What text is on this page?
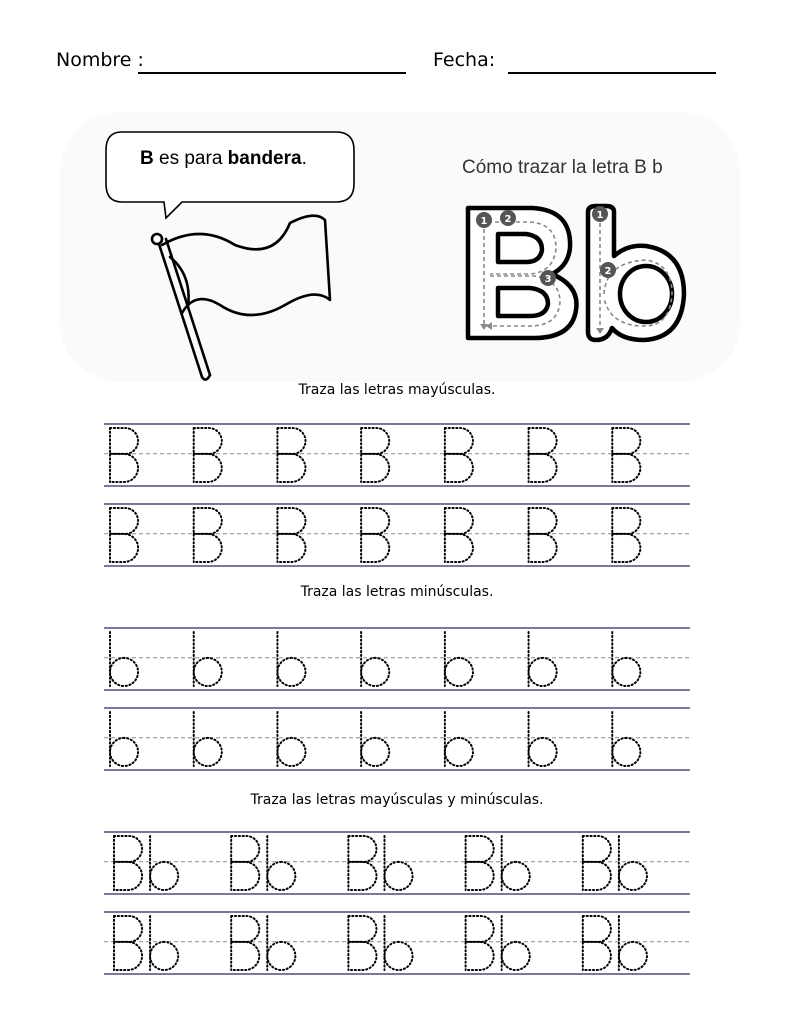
Nombre :	Fecha:
B es para bandera.	Cómo trazar la letra B b
1 2
3
1
2
Traza las letras mayúsculas.
Traza las letras minúsculas.
Traza las letras mayúsculas y minúsculas.
